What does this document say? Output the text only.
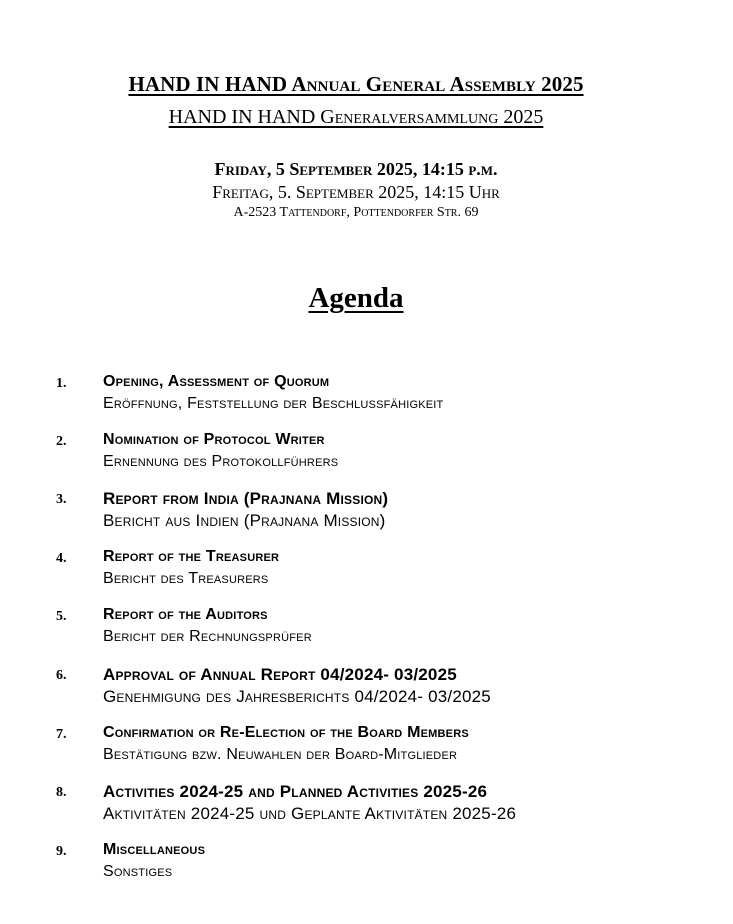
HAND IN HAND Annual General Assembly 2025
HAND IN HAND Generalversammlung 2025
Friday, 5 September 2025, 14:15 p.m.
Freitag, 5. September 2025, 14:15 Uhr
A-2523 Tattendorf, Pottendorfer Str. 69
Agenda
1. Opening, Assessment of Quorum
Eröffnung, Feststellung der Beschlussfähigkeit
2. Nomination of Protocol Writer
Ernennung des Protokollführers
3. Report from India (Prajnana Mission)
Bericht aus Indien (Prajnana Mission)
4. Report of the Treasurer
Bericht des Treasurers
5. Report of the Auditors
Bericht der Rechnungsprüfer
6. Approval of Annual Report 04/2024- 03/2025
Genehmigung des Jahresberichts 04/2024- 03/2025
7. Confirmation or Re-Election of the Board Members
Bestätigung bzw. Neuwahlen der Board-Mitglieder
8. Activities 2024-25 and Planned Activities 2025-26
Aktivitäten 2024-25 und Geplante Aktivitäten 2025-26
9. Miscellaneous
Sonstiges
